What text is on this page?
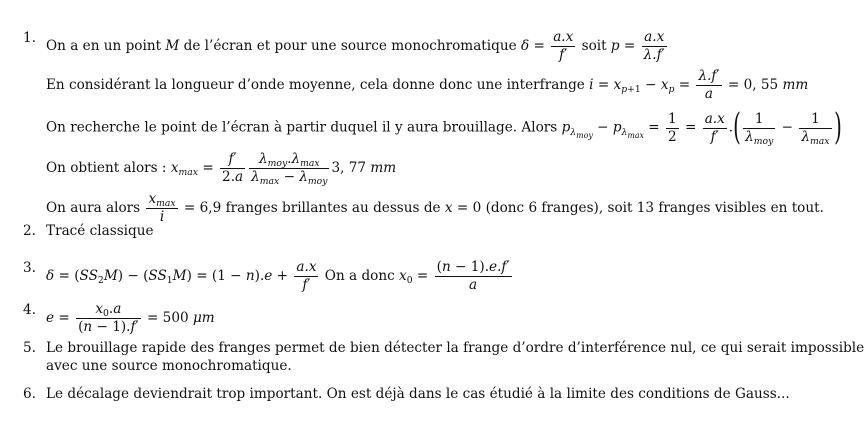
1. On a en un point M de l’écran et pour une source monochromatique $\delta = \frac{a.x}{f'}$ soit $p = \frac{a.x}{\lambda.f'}$
En considérant la longueur d’onde moyenne, cela donne donc une interfrange $i = x_{p+1} - x_p = \frac{\lambda.f'}{a} = 0$, 55 mm
On recherche le point de l’écran à partir duquel il y aura brouillage. Alors $p_{\lambda_{moy}} - p_{\lambda_{max}} = \frac{1}{2} = \frac{a.x}{f'}$ .( $\frac{1}{\lambda_{moy}} - \frac{1}{\lambda_{max}}$ )
On obtient alors : $x_{max} = \frac{f'}{2.a} \frac{\lambda_{moy}.\lambda_{max}}{\lambda_{max} - \lambda_{moy}} 3$, 77 mm
On aura alors $\frac{x_{max}}{i} = 6,9$ franges brillantes au dessus de x = 0 (donc 6 franges), soit 13 franges visibles en tout.
2. Tracé classique
3. $\delta = (SS_2M) - (SS_1M) = (1 - n).e + \frac{a.x}{f'}$ On a donc $x_0 = \frac{(n - 1).e.f'}{a}$
4. $e = \frac{x_0.a}{(n - 1).f'} = 500$ μm
5. Le brouillage rapide des franges permet de bien détecter la frange d’ordre d’interférence nul, ce qui serait impossible
avec une source monochromatique.
6. Le décalage deviendrait trop important. On est déjà dans le cas étudié à la limite des conditions de Gauss...
